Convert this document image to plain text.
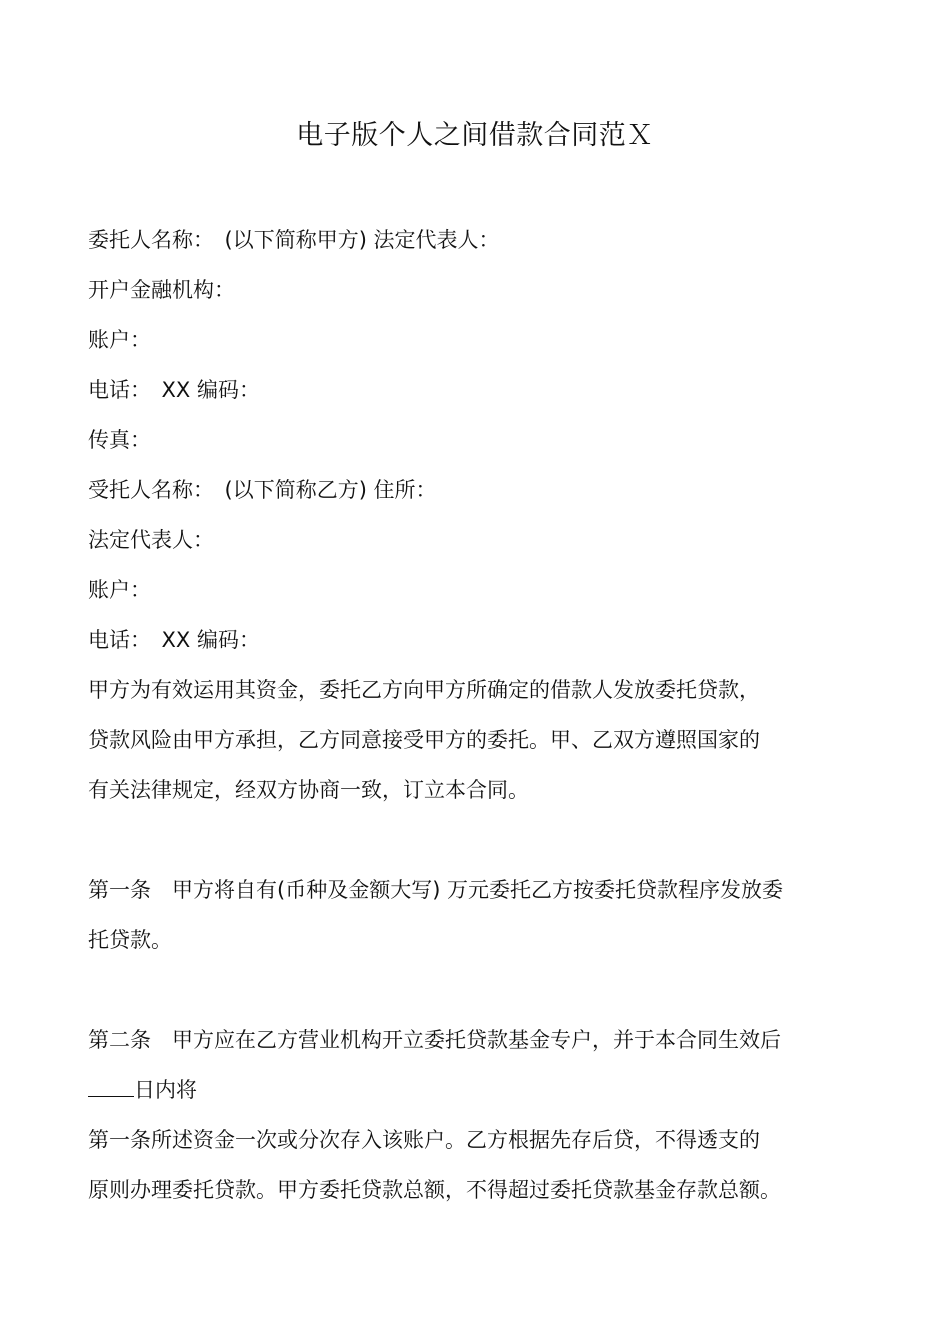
电子版个人之间借款合同范Ｘ
委托人名称：　(以下简称甲方) 法定代表人：
开户金融机构：
账户：
电话：　XX 编码：
传真：
受托人名称：　(以下简称乙方) 住所：
法定代表人：
账户：
电话：　XX 编码：
甲方为有效运用其资金，委托乙方向甲方所确定的借款人发放委托贷款，
贷款风险由甲方承担，乙方同意接受甲方的委托。甲、乙双方遵照国家的
有关法律规定，经双方协商一致，订立本合同。
第一条　甲方将自有(币种及金额大写) 万元委托乙方按委托贷款程序发放委
托贷款。
第二条　甲方应在乙方营业机构开立委托贷款基金专户，并于本合同生效后
日内将
第一条所述资金一次或分次存入该账户。乙方根据先存后贷，不得透支的
原则办理委托贷款。甲方委托贷款总额，不得超过委托贷款基金存款总额。
